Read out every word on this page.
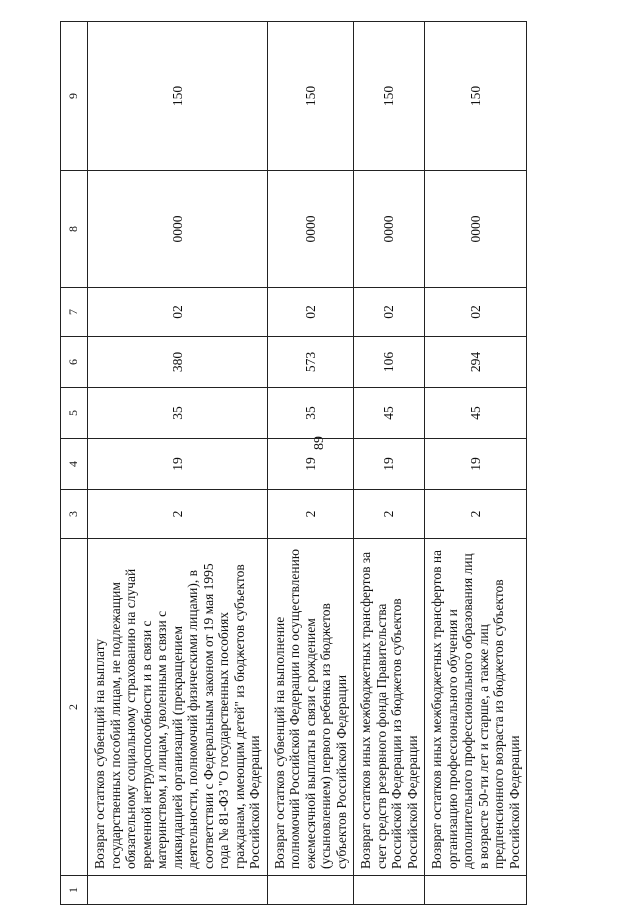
89
1	2	3	4	5	6	7	8	9
	Возврат остатков субвенций на выплату государственных пособий лицам, не подлежащим обязательному социальному страхованию на случай временной нетрудоспособности и в связи с материнством, и лицам, уволенным в связи с ликвидацией организаций (прекращением деятельности, полномочий физическими лицами), в соответствии с Федеральным законом от 19 мая 1995 года № 81-ФЗ "О государственных пособиях гражданам, имеющим детей" из бюджетов субъектов Российской Федерации	2	19	35	380	02	0000	150
	Возврат остатков субвенций на выполнение полномочий Российской Федерации по осуществлению ежемесячной выплаты в связи с рождением (усыновлением) первого ребенка из бюджетов субъектов Российской Федерации	2	19	35	573	02	0000	150
	Возврат остатков иных межбюджетных трансфертов за счет средств резервного фонда Правительства Российской Федерации из бюджетов субъектов Российской Федерации	2	19	45	106	02	0000	150
	Возврат остатков иных межбюджетных трансфертов на организацию профессионального обучения и дополнительного профессионального образования лиц в возрасте 50-ти лет и старше, а также лиц предпенсионного возраста из бюджетов субъектов Российской Федерации	2	19	45	294	02	0000	150
